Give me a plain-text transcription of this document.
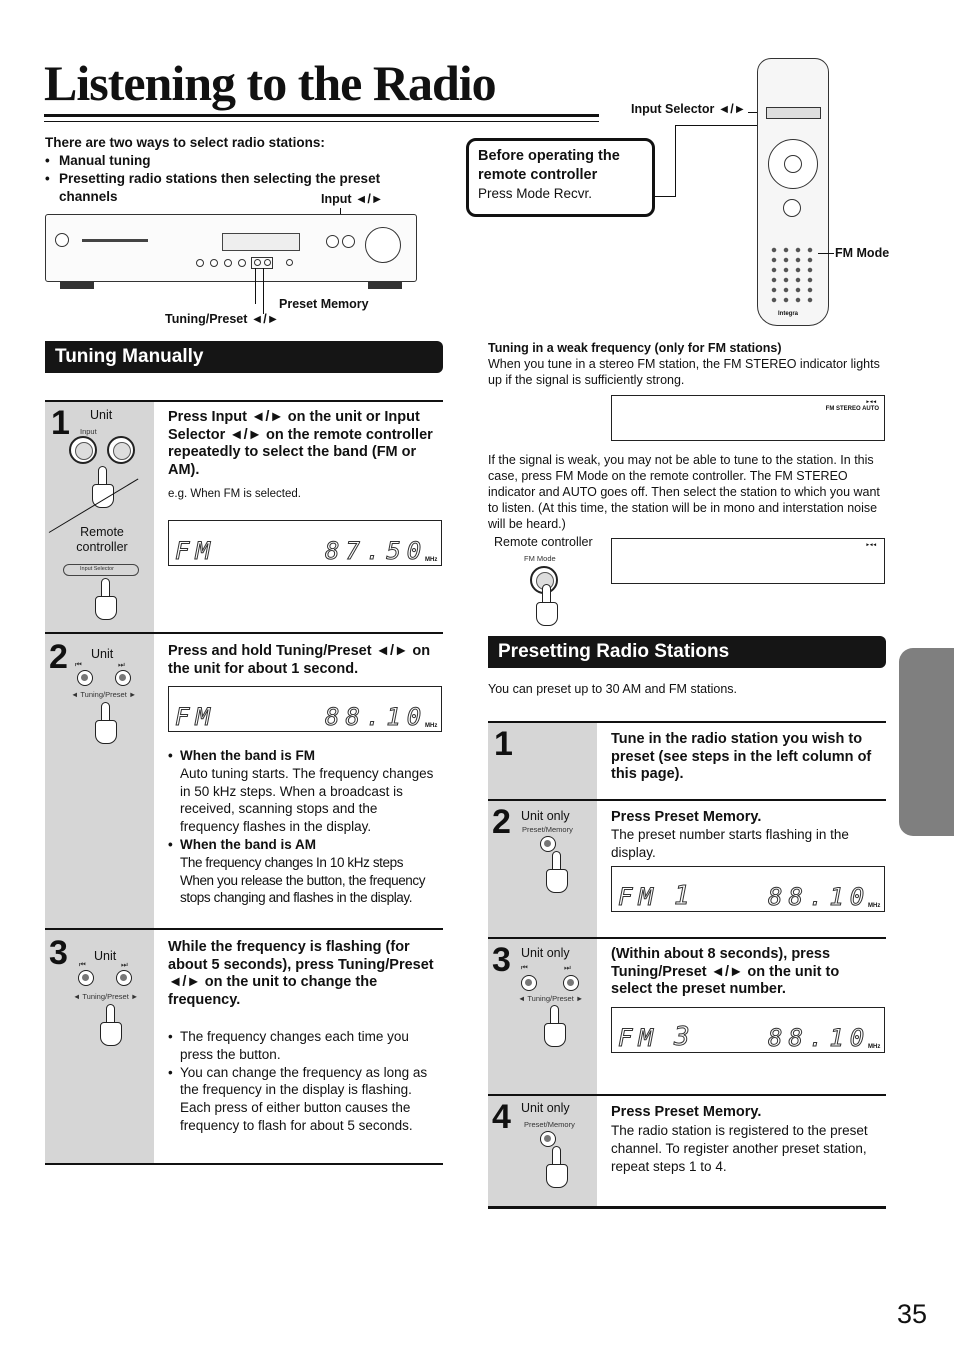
Listening to the Radio
There are two ways to select radio stations:
• Manual tuning
• Presetting radio stations then selecting the preset channels	Input ◄/►
Preset Memory
Tuning/Preset ◄/►
Before operating the remote controller
Press Mode Recvr.
Input Selector ◄/►
Integra
FM Mode
Tuning Manually
1 Unit
Input
Remote controller
Input Selector
Press Input ◄/► on the unit or Input Selector ◄/► on the remote controller repeatedly to select the band (FM or AM).
e.g. When FM is selected.
FM	87.50
MHz
2 Unit
⏮	⏭
◄ Tuning/Preset ►
Press and hold Tuning/Preset ◄/► on the unit for about 1 second.
FM	88.10
MHz
• When the band is FM
Auto tuning starts. The frequency changes in 50 kHz steps. When a broadcast is received, scanning stops and the frequency flashes in the display.
• When the band is AM
The frequency changes In 10 kHz steps When you release the button, the frequency stops changing and flashes in the display.
3 Unit
⏮	⏭
◄ Tuning/Preset ►
While the frequency is flashing (for about 5 seconds), press Tuning/Preset ◄/► on the unit to change the frequency.
• The frequency changes each time you press the button.
• You can change the frequency as long as the frequency in the display is flashing. Each press of either button causes the frequency to flash for about 5 seconds.
Tuning in a weak frequency (only for FM stations)
When you tune in a stereo FM station, the FM STEREO indicator lights up if the signal is sufficiently strong.
▸◂◂
FM STEREO AUTO
If the signal is weak, you may not be able to tune to the station. In this case, press FM Mode on the remote controller. The FM STEREO indicator and AUTO goes off. Then select the station to which you want to listen. (At this time, the station will be in mono and interstation noise will be heard.)
Remote controller
FM Mode
▸◂◂
Presetting Radio Stations
You can preset up to 30 AM and FM stations.
1	Tune in the radio station you wish to preset (see steps in the left column of this page).
2 Unit only
Preset/Memory
Press Preset Memory.
The preset number starts flashing in the display.
FM 1	88.10
MHz
3 Unit only
⏮	⏭
◄ Tuning/Preset ►
(Within about 8 seconds), press Tuning/Preset ◄/► on the unit to select the preset number.
FM 3	88.10
MHz
4 Unit only
Preset/Memory
Press Preset Memory.
The radio station is registered to the preset channel. To register another preset station, repeat steps 1 to 4.
35
